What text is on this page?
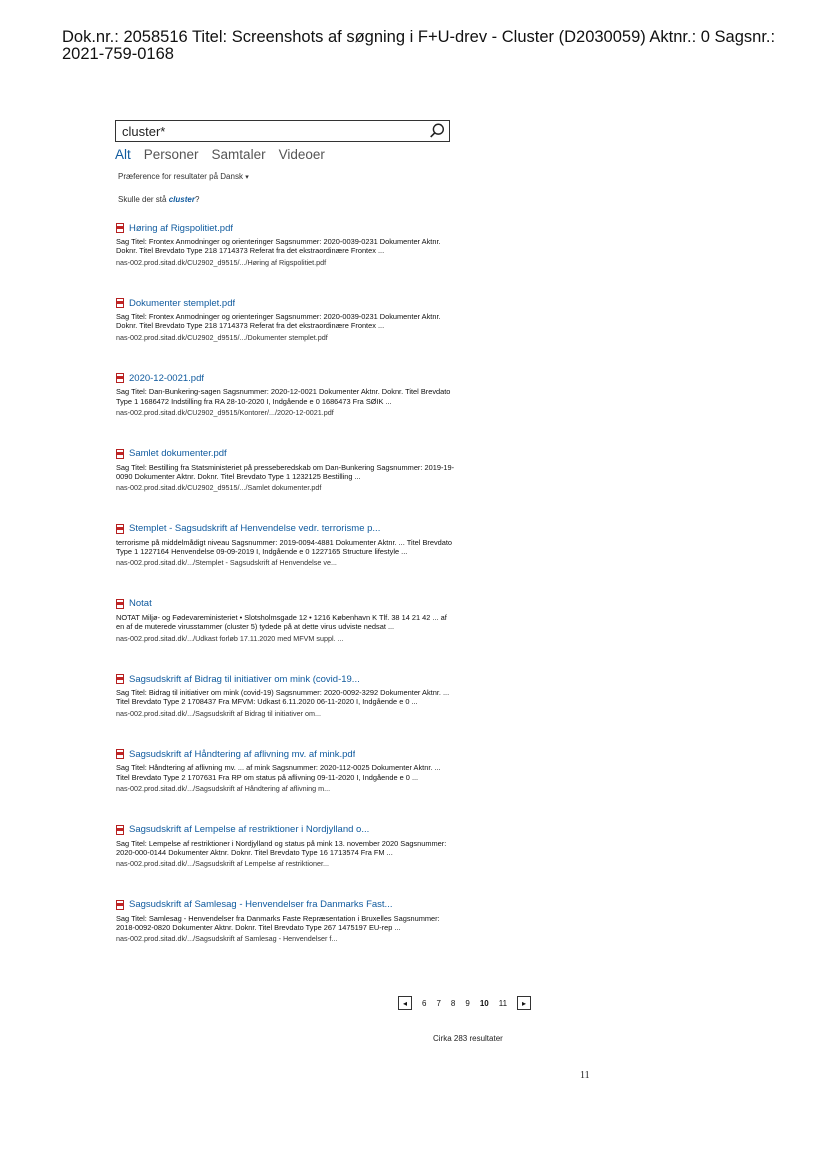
Dok.nr.: 2058516 Titel: Screenshots af søgning i F+U-drev - Cluster (D2030059) Aktnr.: 0 Sagsnr.: 2021-759-0168
cluster*
Alt Personer Samtaler Videoer
Præference for resultater på Dansk ▾
Skulle der stå cluster?
Høring af Rigspolitiet.pdf
Sag Titel: Frontex Anmodninger og orienteringer Sagsnummer: 2020-0039-0231 Dokumenter Aktnr. Doknr. Titel Brevdato Type 218 1714373 Referat fra det ekstraordinære Frontex ...
nas-002.prod.sitad.dk/CU2902_d9515/.../Høring af Rigspolitiet.pdf
Dokumenter stemplet.pdf
Sag Titel: Frontex Anmodninger og orienteringer Sagsnummer: 2020-0039-0231 Dokumenter Aktnr. Doknr. Titel Brevdato Type 218 1714373 Referat fra det ekstraordinære Frontex ...
nas-002.prod.sitad.dk/CU2902_d9515/.../Dokumenter stemplet.pdf
2020-12-0021.pdf
Sag Titel: Dan-Bunkering-sagen Sagsnummer: 2020-12-0021 Dokumenter Aktnr. Doknr. Titel Brevdato Type 1 1686472 Indstilling fra RA 28-10-2020 I, Indgående e 0 1686473 Fra SØIK ...
nas-002.prod.sitad.dk/CU2902_d9515/Kontorer/.../2020-12-0021.pdf
Samlet dokumenter.pdf
Sag Titel: Bestilling fra Statsministeriet på presseberedskab om Dan-Bunkering Sagsnummer: 2019-19-0090 Dokumenter Aktnr. Doknr. Titel Brevdato Type 1 1232125 Bestilling ...
nas-002.prod.sitad.dk/CU2902_d9515/.../Samlet dokumenter.pdf
Stemplet - Sagsudskrift af Henvendelse vedr. terrorisme p...
terrorisme på middelmådigt niveau Sagsnummer: 2019-0094-4881 Dokumenter Aktnr. ... Titel Brevdato Type 1 1227164 Henvendelse 09-09-2019 I, Indgående e 0 1227165 Structure lifestyle ...
nas-002.prod.sitad.dk/.../Stemplet - Sagsudskrift af Henvendelse ve...
Notat
NOTAT Miljø- og Fødevareministeriet • Slotsholmsgade 12 • 1216 København K Tlf. 38 14 21 42 ... af en af de muterede virusstammer (cluster 5) tydede på at dette virus udviste nedsat ...
nas-002.prod.sitad.dk/.../Udkast forløb 17.11.2020 med MFVM suppl. ...
Sagsudskrift af Bidrag til initiativer om mink (covid-19...
Sag Titel: Bidrag til initiativer om mink (covid-19) Sagsnummer: 2020-0092-3292 Dokumenter Aktnr. ... Titel Brevdato Type 2 1708437 Fra MFVM: Udkast 6.11.2020 06-11-2020 I, Indgående e 0 ...
nas-002.prod.sitad.dk/.../Sagsudskrift af Bidrag til initiativer om...
Sagsudskrift af Håndtering af aflivning mv. af mink.pdf
Sag Titel: Håndtering af aflivning mv. ... af mink Sagsnummer: 2020-112-0025 Dokumenter Aktnr. ... Titel Brevdato Type 2 1707631 Fra RP om status på aflivning 09-11-2020 I, Indgående e 0 ...
nas-002.prod.sitad.dk/.../Sagsudskrift af Håndtering af aflivning m...
Sagsudskrift af Lempelse af restriktioner i Nordjylland o...
Sag Titel: Lempelse af restriktioner i Nordjylland og status på mink 13. november 2020 Sagsnummer: 2020-000-0144 Dokumenter Aktnr. Doknr. Titel Brevdato Type 16 1713574 Fra FM ...
nas-002.prod.sitad.dk/.../Sagsudskrift af Lempelse af restriktioner...
Sagsudskrift af Samlesag - Henvendelser fra Danmarks Fast...
Sag Titel: Samlesag - Henvendelser fra Danmarks Faste Repræsentation i Bruxelles Sagsnummer: 2018-0092-0820 Dokumenter Aktnr. Doknr. Titel Brevdato Type 267 1475197 EU-rep ...
nas-002.prod.sitad.dk/.../Sagsudskrift af Samlesag - Henvendelser f...
◂	6 7 8 9 10 11	▸
Cirka 283 resultater
11
